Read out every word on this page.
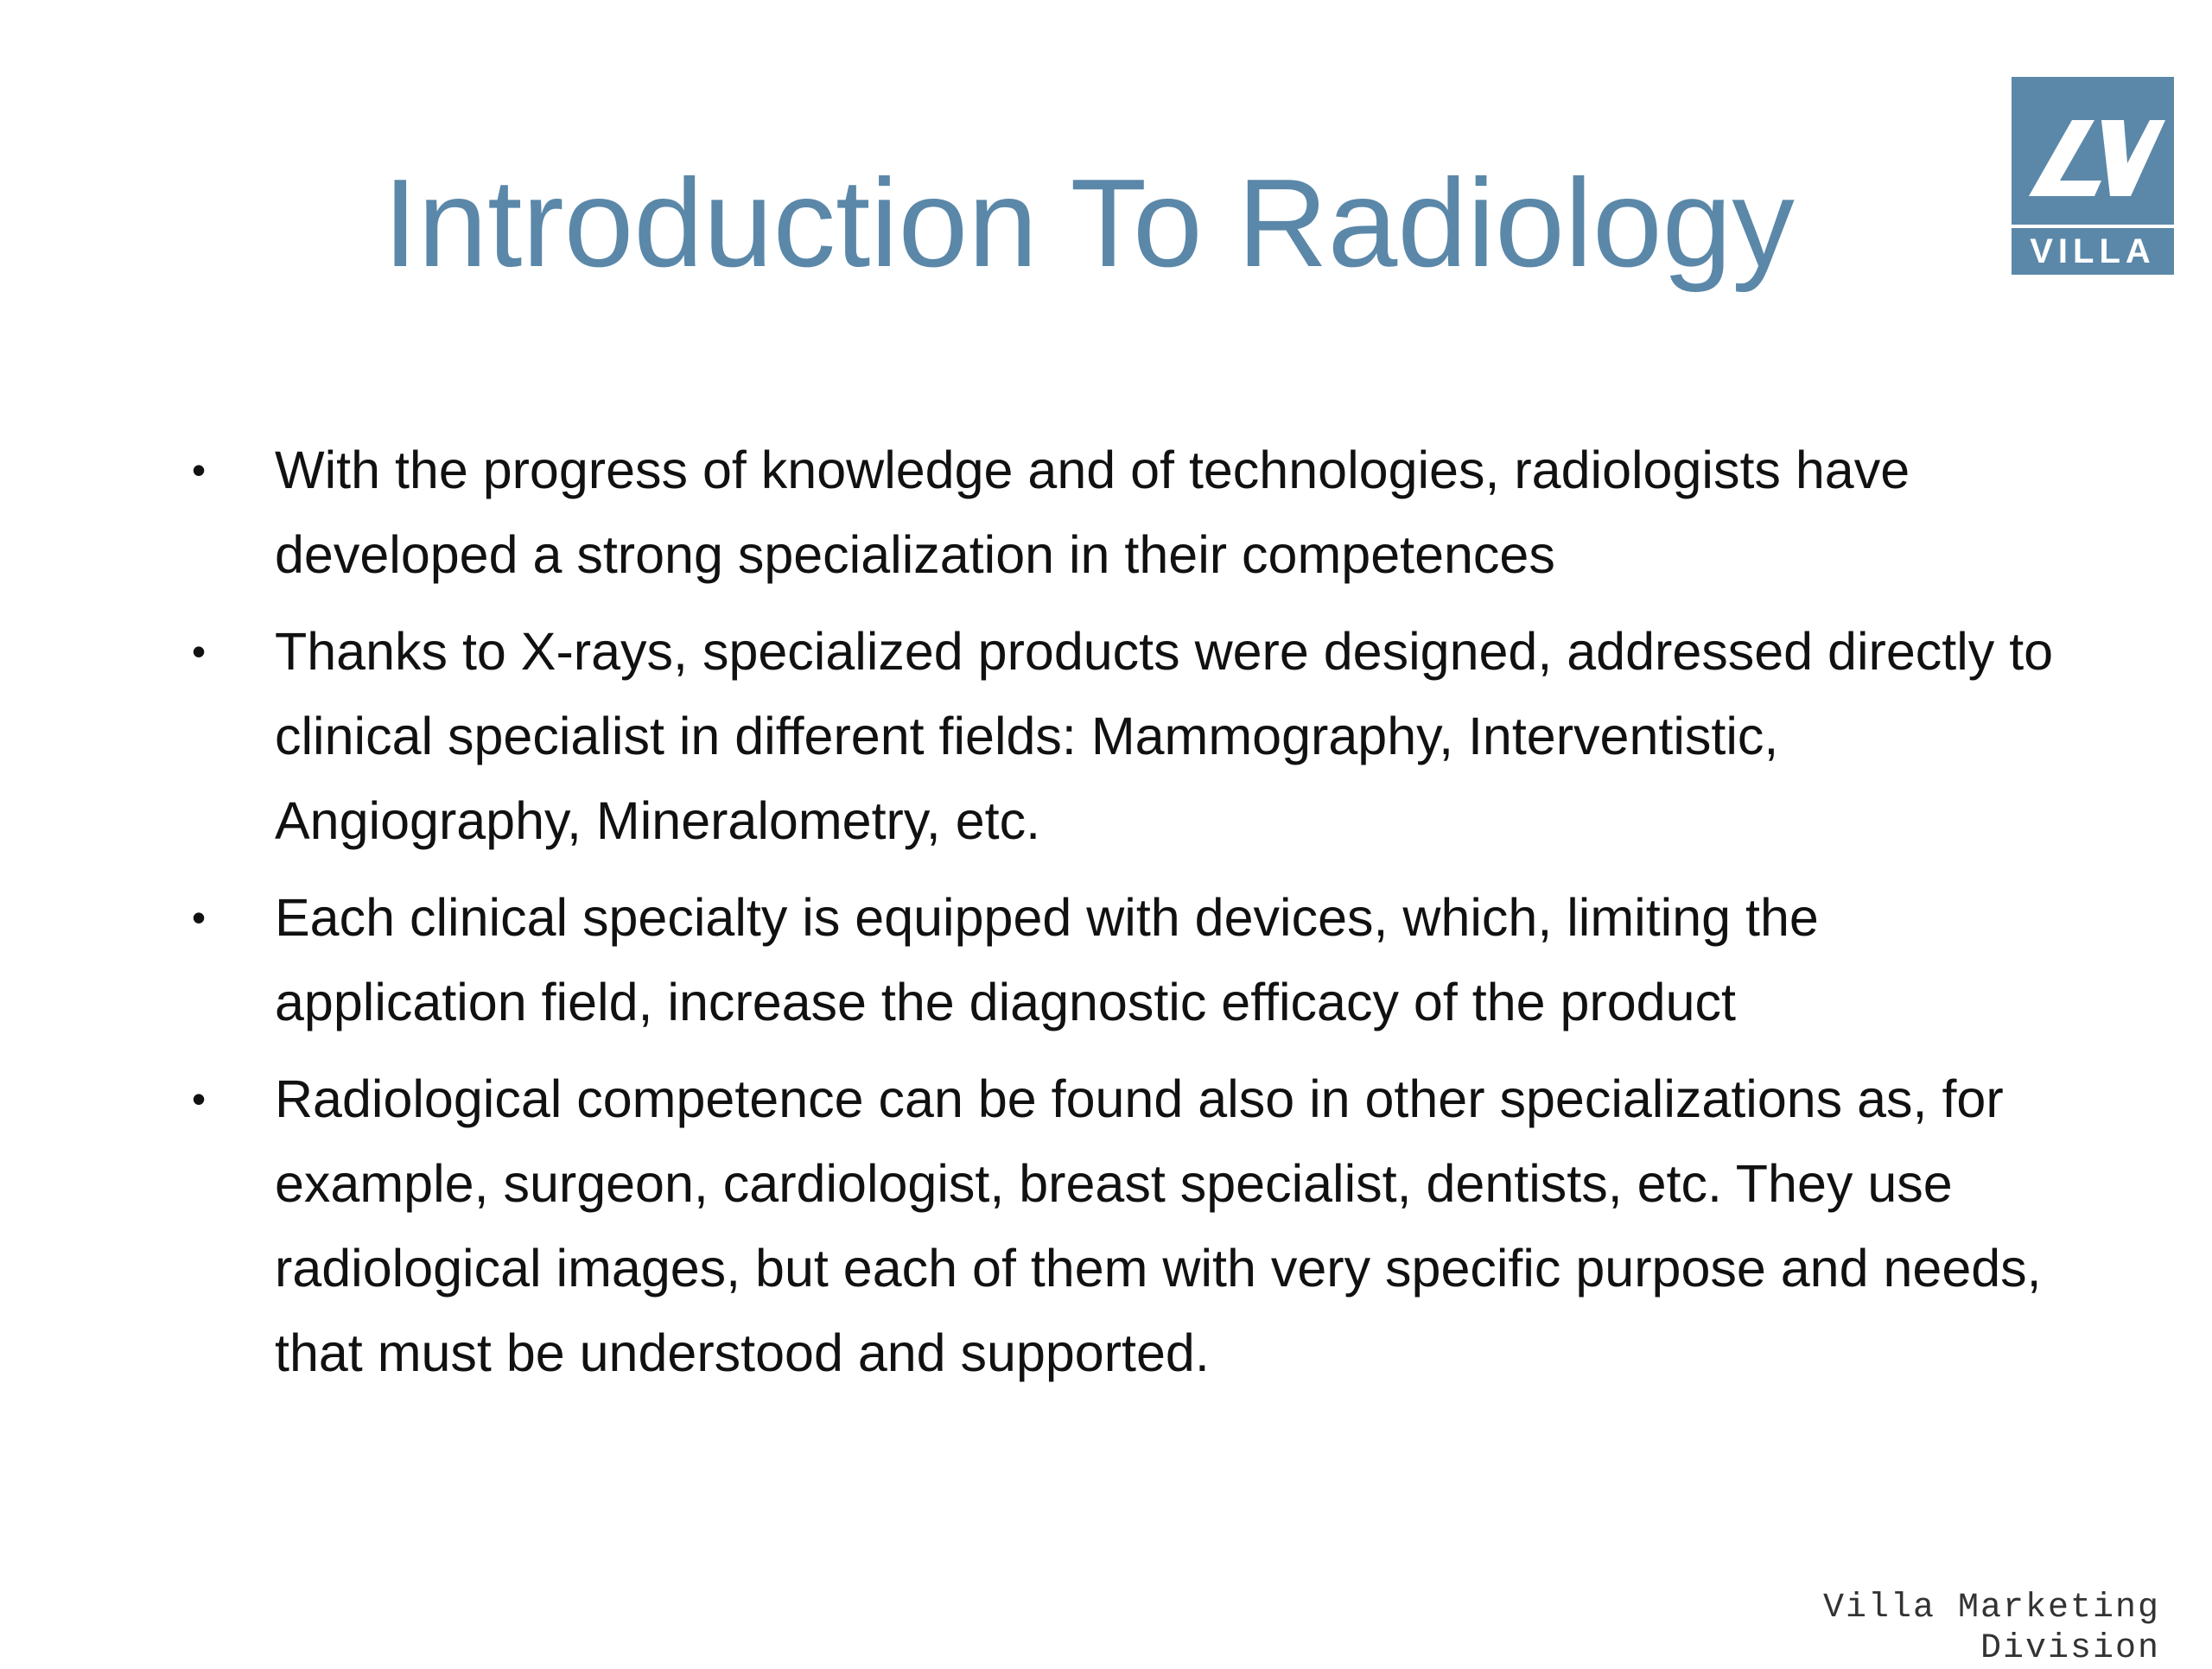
Introduction To Radiology	VILLA
• With the progress of knowledge and of technologies, radiologists have developed a strong specialization in their competences
• Thanks to X-rays, specialized products were designed, addressed directly to clinical specialist in different fields: Mammography, Interventistic, Angiography, Mineralometry, etc.
• Each clinical specialty is equipped with devices, which, limiting the application field, increase the diagnostic efficacy of the product
• Radiological competence can be found also in other specializations as, for example, surgeon, cardiologist, breast specialist, dentists, etc. They use radiological images, but each of them with very specific purpose and needs, that must be understood and supported.
Villa Marketing
Division
